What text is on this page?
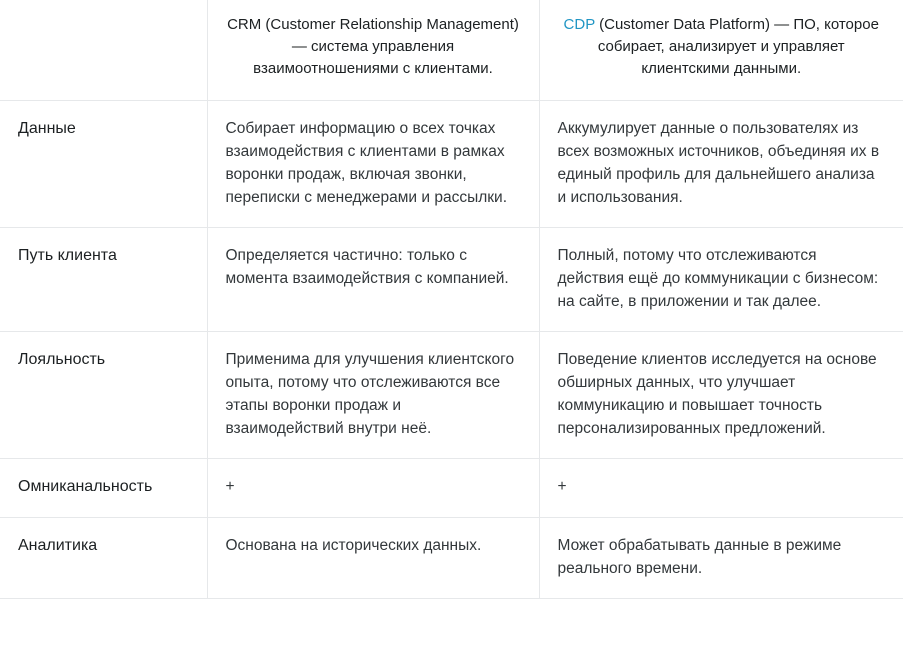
	CRM (Customer Relationship Management) — система управления взаимоотношениями с клиентами.	CDP (Customer Data Platform) — ПО, которое собирает, анализирует и управляет клиентскими данными.

Данные	Собирает информацию о всех точках взаимодействия с клиентами в рамках воронки продаж, включая звонки, переписки с менеджерами и рассылки.	Аккумулирует данные о пользователях из всех возможных источников, объединяя их в единый профиль для дальнейшего анализа и использования.
Путь клиента	Определяется частично: только с момента взаимодействия с компанией.	Полный, потому что отслеживаются действия ещё до коммуникации с бизнесом: на сайте, в приложении и так далее.
Лояльность	Применима для улучшения клиентского опыта, потому что отслеживаются все этапы воронки продаж и взаимодействий внутри неё.	Поведение клиентов исследуется на основе обширных данных, что улучшает коммуникацию и повышает точность персонализированных предложений.
Омниканальность	+	+
Аналитика	Основана на исторических данных.	Может обрабатывать данные в режиме реального времени.
